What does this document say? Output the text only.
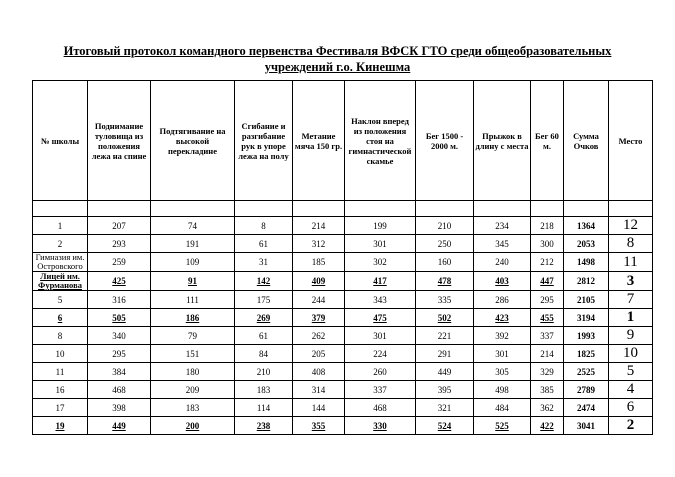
Итоговый протокол командного первенства Фестиваля ВФСК ГТО среди общеобразовательных
учреждений г.о. Кинешма
№ школы	Поднимание туловища из положения лежа на спине	Подтягивание на высокой перекладине	Сгибание и разгибание рук в упоре лежа на полу	Метание мяча 150 гр.	Наклон вперед из положения стоя на гимнастической скамье	Бег 1500 - 2000 м.	Прыжок в длину с места	Бег 60 м.	Сумма Очков	Место

1	207	74	8	214	199	210	234	218	1364	12
2	293	191	61	312	301	250	345	300	2053	8
Гимназия им. Островского	259	109	31	185	302	160	240	212	1498	11
Лицей им. Фурманова	425	91	142	409	417	478	403	447	2812	3
5	316	111	175	244	343	335	286	295	2105	7
6	505	186	269	379	475	502	423	455	3194	1
8	340	79	61	262	301	221	392	337	1993	9
10	295	151	84	205	224	291	301	214	1825	10
11	384	180	210	408	260	449	305	329	2525	5
16	468	209	183	314	337	395	498	385	2789	4
17	398	183	114	144	468	321	484	362	2474	6
19	449	200	238	355	330	524	525	422	3041	2
